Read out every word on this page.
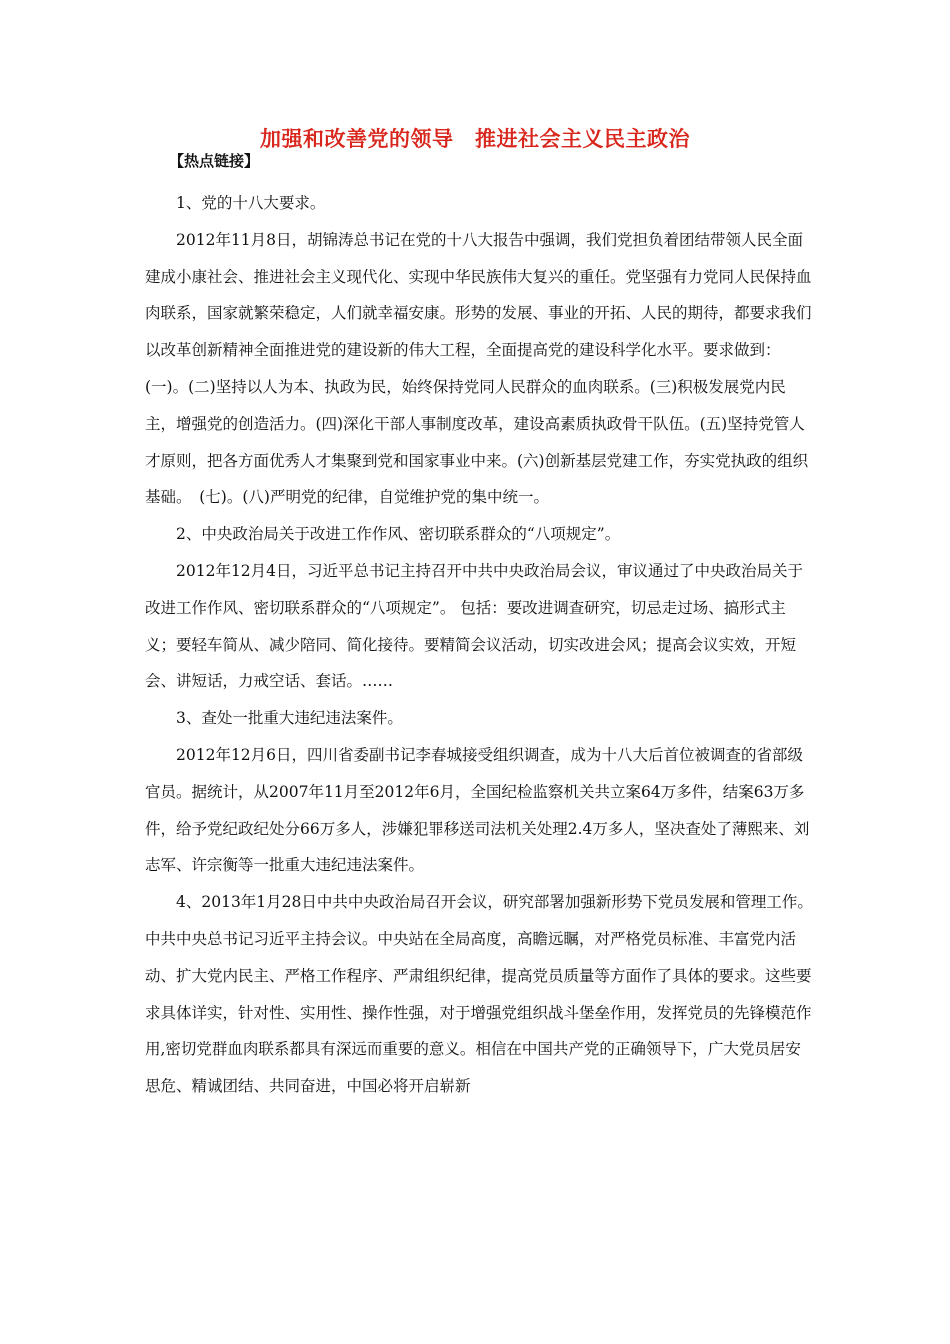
加强和改善党的领导　推进社会主义民主政治
【热点链接】

1、党的十八大要求。

2012年11月8日，胡锦涛总书记在党的十八大报告中强调，我们党担负着团结带领人民全面建成小康社会、推进社会主义现代化、实现中华民族伟大复兴的重任。党坚强有力党同人民保持血肉联系，国家就繁荣稳定，人们就幸福安康。形势的发展、事业的开拓、人民的期待，都要求我们以改革创新精神全面推进党的建设新的伟大工程，全面提高党的建设科学化水平。要求做到：(一)。(二)坚持以人为本、执政为民，始终保持党同人民群众的血肉联系。(三)积极发展党内民主，增强党的创造活力。(四)深化干部人事制度改革，建设高素质执政骨干队伍。(五)坚持党管人才原则，把各方面优秀人才集聚到党和国家事业中来。(六)创新基层党建工作，夯实党执政的组织基础。　(七)。(八)严明党的纪律，自觉维护党的集中统一。

2、中央政治局关于改进工作作风、密切联系群众的“八项规定”。

2012年12月4日，习近平总书记主持召开中共中央政治局会议，审议通过了中央政治局关于改进工作作风、密切联系群众的“八项规定”。 包括：要改进调查研究，切忌走过场、搞形式主义；要轻车简从、减少陪同、简化接待。要精简会议活动，切实改进会风；提高会议实效，开短会、讲短话，力戒空话、套话。……

3、查处一批重大违纪违法案件。

2012年12月6日，四川省委副书记李春城接受组织调查，成为十八大后首位被调查的省部级官员。据统计，从2007年11月至2012年6月，全国纪检监察机关共立案64万多件，结案63万多件，给予党纪政纪处分66万多人，涉嫌犯罪移送司法机关处理2.4万多人，坚决查处了薄熙来、刘志军、许宗衡等一批重大违纪违法案件。

4、2013年1月28日中共中央政治局召开会议，研究部署加强新形势下党员发展和管理工作。中共中央总书记习近平主持会议。中央站在全局高度，高瞻远瞩，对严格党员标准、丰富党内活动、扩大党内民主、严格工作程序、严肃组织纪律，提高党员质量等方面作了具体的要求。这些要求具体详实，针对性、实用性、操作性强，对于增强党组织战斗堡垒作用，发挥党员的先锋模范作用,密切党群血肉联系都具有深远而重要的意义。相信在中国共产党的正确领导下，广大党员居安思危、精诚团结、共同奋进，中国必将开启崭新
